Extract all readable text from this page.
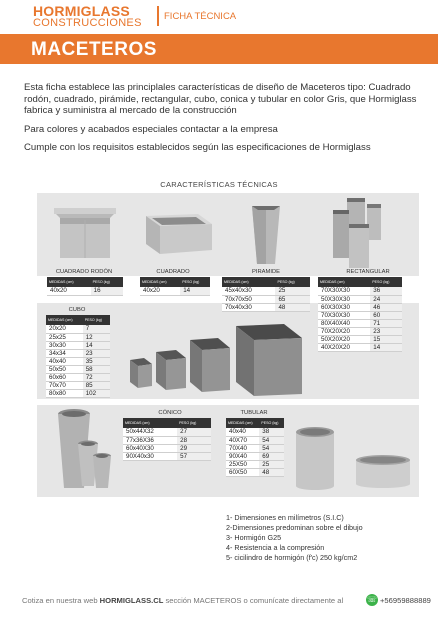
HORMIGLASS
CONSTRUCCIONES
FICHA TÉCNICA
MACETEROS

Esta ficha establece las principlales características de diseño de Maceteros tipo: Cuadrado rodón, cuadrado, pirámide, rectangular, cubo, conica y tubular en color Gris, que Hormiglass fabrica y suministra al mercado de la construcción

Para colores y acabados especiales contactar a la empresa

Cumple con los requisitos establecidos según las especificaciones de Hormiglass

CARACTERÍSTICAS TÉCNICAS
CUADRADO RODÓN	CUADRADO	PIRAMIDE	RECTANGULAR
MEDIDAS (cm)	PESO (kg)
40x20	16
MEDIDAS (cm)	PESO (kg)
40x20	14
MEDIDAS (cm)	PESO (kg)
45x40x30	25
70x70x50	65
70x40x30	48
MEDIDAS (cm)	PESO (kg)
70X30X30	36
50X30X30	24
60X30X30	46
70X30X30	60
80X40X40	71
70X20X20	23
50X20X20	15
40X20X20	14
CUBO
MEDIDAS (cm)	PESO (kg)
20x20	7
25x25	12
30x30	14
34x34	23
40x40	35
50x50	58
60x60	72
70x70	85
80x80	102
CÓNICO
MEDIDAS (cm)	PESO (kg)
50x44X32	27
77x36X36	28
60x40X30	29
90X40x30	57
TUBULAR
MEDIDAS (cm)	PESO (kg)
40x40	38
40X70	54
70X40	54
90X40	69
25X50	25
60X50	48
1- Dimensiones en milímetros (S.I.C)
2-Dimensiones predominan sobre el dibujo
3- Hormigón G25
4- Resistencia a la compresión
5- cicilindro de hormigón (f'c) 250 kg/cm2
Cotiza en nuestra web HORMIGLASS.CL sección MACETEROS o comunícate directamente al	☏ +56959888889
